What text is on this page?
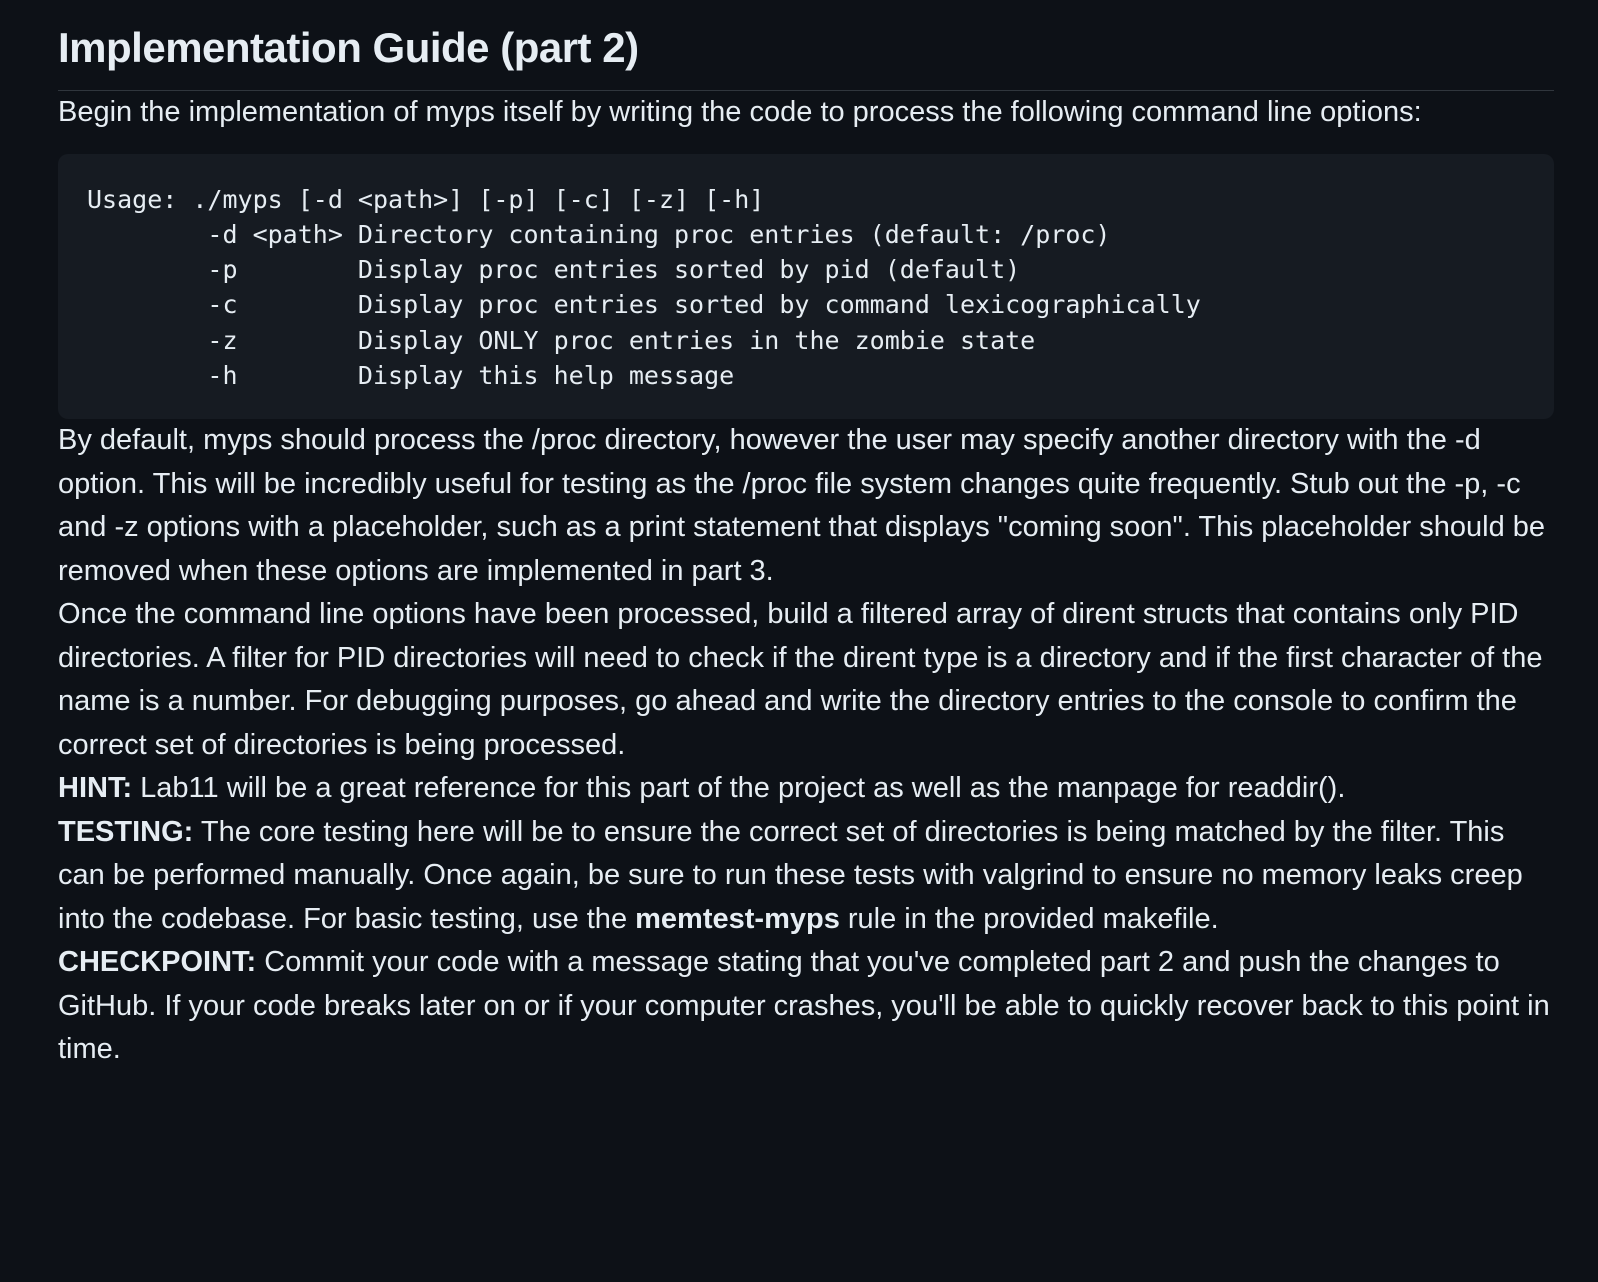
Implementation Guide (part 2)

Begin the implementation of myps itself by writing the code to process the following command line options:

Usage: ./myps [-d <path>] [-p] [-c] [-z] [-h]
-d <path> Directory containing proc entries (default: /proc)
-p        Display proc entries sorted by pid (default)
-c        Display proc entries sorted by command lexicographically
-z        Display ONLY proc entries in the zombie state
-h        Display this help message

By default, myps should process the /proc directory, however the user may specify another directory with the -d option. This will be incredibly useful for testing as the /proc file system changes quite frequently. Stub out the -p, -c and -z options with a placeholder, such as a print statement that displays "coming soon". This placeholder should be removed when these options are implemented in part 3.

Once the command line options have been processed, build a filtered array of dirent structs that contains only PID directories. A filter for PID directories will need to check if the dirent type is a directory and if the first character of the name is a number. For debugging purposes, go ahead and write the directory entries to the console to confirm the correct set of directories is being processed.

HINT: Lab11 will be a great reference for this part of the project as well as the manpage for readdir().

TESTING: The core testing here will be to ensure the correct set of directories is being matched by the filter. This can be performed manually. Once again, be sure to run these tests with valgrind to ensure no memory leaks creep into the codebase. For basic testing, use the memtest-myps rule in the provided makefile.

CHECKPOINT: Commit your code with a message stating that you've completed part 2 and push the changes to GitHub. If your code breaks later on or if your computer crashes, you'll be able to quickly recover back to this point in time.
